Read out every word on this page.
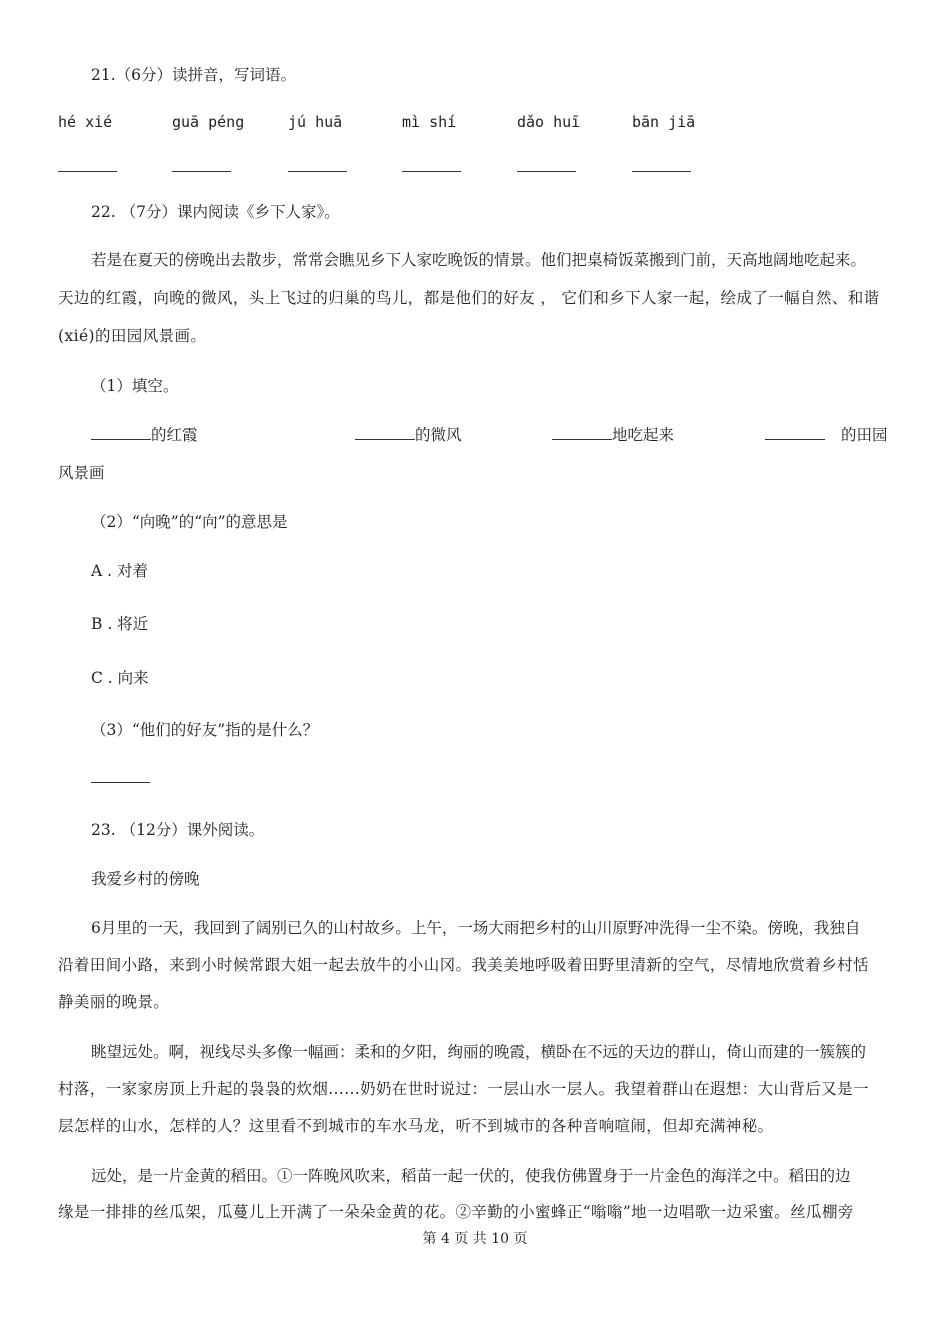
21.（6分）读拼音，写词语。
hé xié	guā péng	jú huā	mì shí	dǎo huī	bān jiā
22. （7分）课内阅读《乡下人家》。
若是在夏天的傍晚出去散步，常常会瞧见乡下人家吃晚饭的情景。他们把桌椅饭菜搬到门前，天高地阔地吃起来。
天边的红霞，向晚的微风，头上飞过的归巢的鸟儿，都是他们的好友 ， 它们和乡下人家一起，绘成了一幅自然、和谐
(xié)的田园风景画。
（1）填空。
的红霞	的微风	地吃起来	的田园
风景画
（2）“向晚”的“向”的意思是
A . 对着
B . 将近
C . 向来
（3）“他们的好友”指的是什么？
23. （12分）课外阅读。
我爱乡村的傍晚
6月里的一天，我回到了阔别已久的山村故乡。上午，一场大雨把乡村的山川原野冲洗得一尘不染。傍晚，我独自
沿着田间小路，来到小时候常跟大姐一起去放牛的小山冈。我美美地呼吸着田野里清新的空气，尽情地欣赏着乡村恬
静美丽的晚景。
眺望远处。啊，视线尽头多像一幅画：柔和的夕阳，绚丽的晚霞，横卧在不远的天边的群山，倚山而建的一簇簇的
村落，一家家房顶上升起的袅袅的炊烟……奶奶在世时说过：一层山水一层人。我望着群山在遐想：大山背后又是一
层怎样的山水，怎样的人？这里看不到城市的车水马龙，听不到城市的各种音响喧闹，但却充满神秘。
远处，是一片金黄的稻田。①一阵晚风吹来，稻苗一起一伏的，使我仿佛置身于一片金色的海洋之中。稻田的边
缘是一排排的丝瓜架，瓜蔓儿上开满了一朵朵金黄的花。②辛勤的小蜜蜂正“嗡嗡”地一边唱歌一边采蜜。丝瓜棚旁
第 4 页 共 10 页
